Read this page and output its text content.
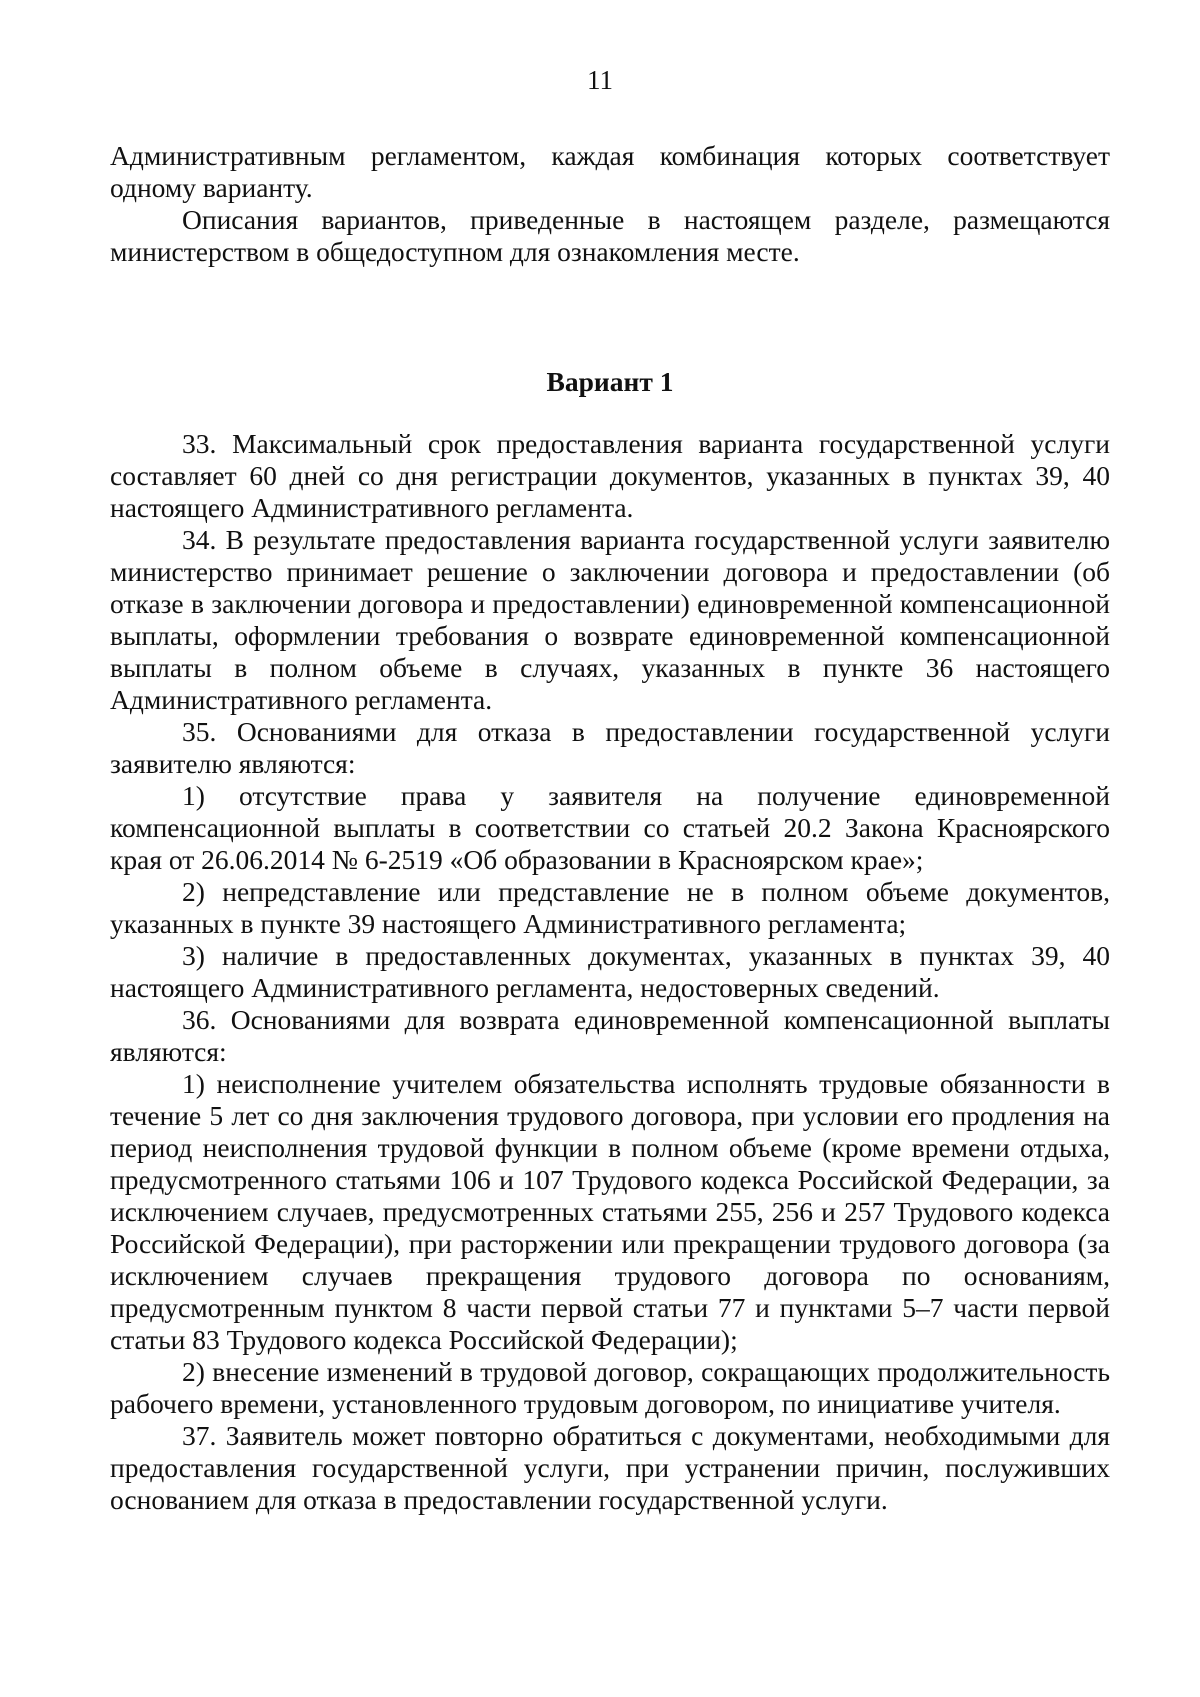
11

Административным регламентом, каждая комбинация которых соответствует одному варианту.

Описания вариантов, приведенные в настоящем разделе, размещаются министерством в общедоступном для ознакомления месте.

Вариант 1

33. Максимальный срок предоставления варианта государственной услуги составляет 60 дней со дня регистрации документов, указанных в пунктах 39, 40 настоящего Административного регламента.

34. В результате предоставления варианта государственной услуги заявителю министерство принимает решение о заключении договора и предоставлении (об отказе в заключении договора и предоставлении) единовременной компенсационной выплаты, оформлении требования о возврате единовременной компенсационной выплаты в полном объеме в случаях, указанных в пункте 36 настоящего Административного регламента.

35. Основаниями для отказа в предоставлении государственной услуги заявителю являются:

1) отсутствие права у заявителя на получение единовременной компенсационной выплаты в соответствии со статьей 20.2 Закона Красноярского края от 26.06.2014 № 6-2519 «Об образовании в Красноярском крае»;

2) непредставление или представление не в полном объеме документов, указанных в пункте 39 настоящего Административного регламента;

3) наличие в предоставленных документах, указанных в пунктах 39, 40 настоящего Административного регламента, недостоверных сведений.

36. Основаниями для возврата единовременной компенсационной выплаты являются:

1) неисполнение учителем обязательства исполнять трудовые обязанности в течение 5 лет со дня заключения трудового договора, при условии его продления на период неисполнения трудовой функции в полном объеме (кроме времени отдыха, предусмотренного статьями 106 и 107 Трудового кодекса Российской Федерации, за исключением случаев, предусмотренных статьями 255, 256 и 257 Трудового кодекса Российской Федерации), при расторжении или прекращении трудового договора (за исключением случаев прекращения трудового договора по основаниям, предусмотренным пунктом 8 части первой статьи 77 и пунктами 5–7 части первой статьи 83 Трудового кодекса Российской Федерации);

2) внесение изменений в трудовой договор, сокращающих продолжительность рабочего времени, установленного трудовым договором, по инициативе учителя.

37. Заявитель может повторно обратиться с документами, необходимыми для предоставления государственной услуги, при устранении причин, послуживших основанием для отказа в предоставлении государственной услуги.
